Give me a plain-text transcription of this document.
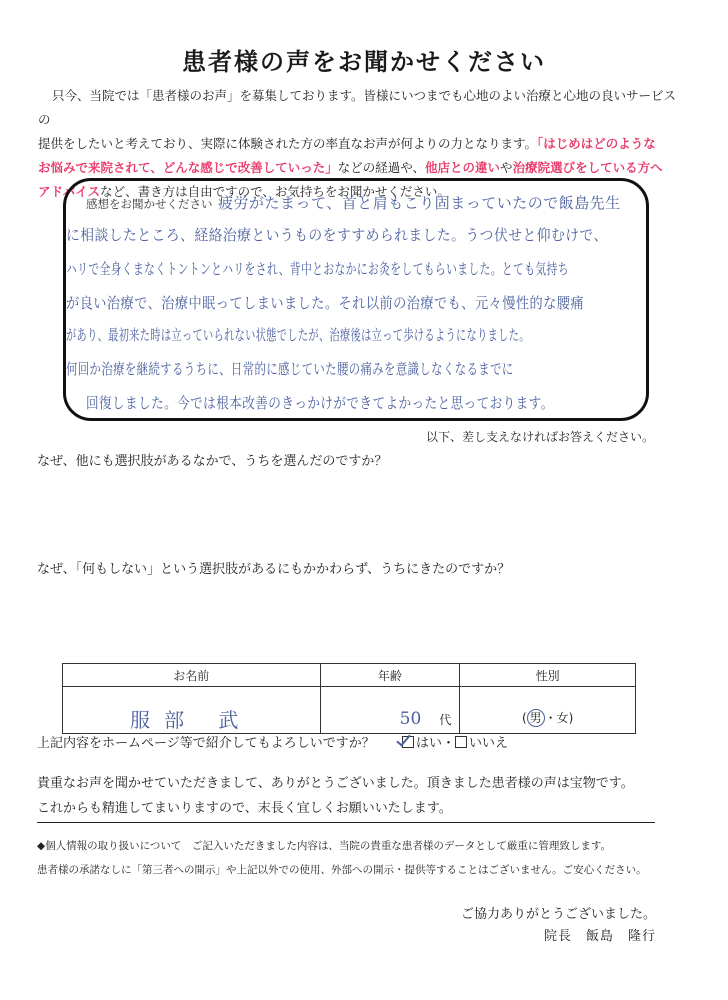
患者様の声をお聞かせください
只今、当院では「患者様のお声」を募集しております。皆様にいつまでも心地のよい治療と心地の良いサービスの
提供をしたいと考えており、実際に体験された方の率直なお声が何よりの力となります。「はじめはどのような
お悩みで来院されて、どんな感じで改善していった」などの経過や、他店との違いや治療院選びをしている方へ
アドバイスなど、書き方は自由ですので、お気持ちをお聞かせください。
感想をお聞かせください 疲労がたまって、首と肩もこり固まっていたので飯島先生
に相談したところ、経絡治療というものをすすめられました。うつ伏せと仰むけで、
ハリで全身くまなくトントンとハリをされ、背中とおなかにお灸をしてもらいました。とても気持ち
が良い治療で、治療中眠ってしまいました。それ以前の治療でも、元々慢性的な腰痛
があり、最初来た時は立っていられない状態でしたが、治療後は立って歩けるようになりました。
何回か治療を継続するうちに、日常的に感じていた腰の痛みを意識しなくなるまでに
回復しました。今では根本改善のきっかけができてよかったと思っております。
以下、差し支えなければお答えください。
なぜ、他にも選択肢があるなかで、うちを選んだのですか？
なぜ、「何もしない」という選択肢があるにもかかわらず、うちにきたのですか？
お名前	年齢	性別
服部 武	50 代	( 男 ・女)
上記内容をホームページ等で紹介してもよろしいですか？	はい・ いいえ
貴重なお声を聞かせていただきまして、ありがとうございました。頂きました患者様の声は宝物です。
これからも精進してまいりますので、末長く宜しくお願いいたします。
◆個人情報の取り扱いについて　ご記入いただきました内容は、当院の貴重な患者様のデータとして厳重に管理致します。
患者様の承諾なしに「第三者への開示」や上記以外での使用、外部への開示・提供等することはございません。ご安心ください。
ご協力ありがとうございました。
院長　飯島　隆行
